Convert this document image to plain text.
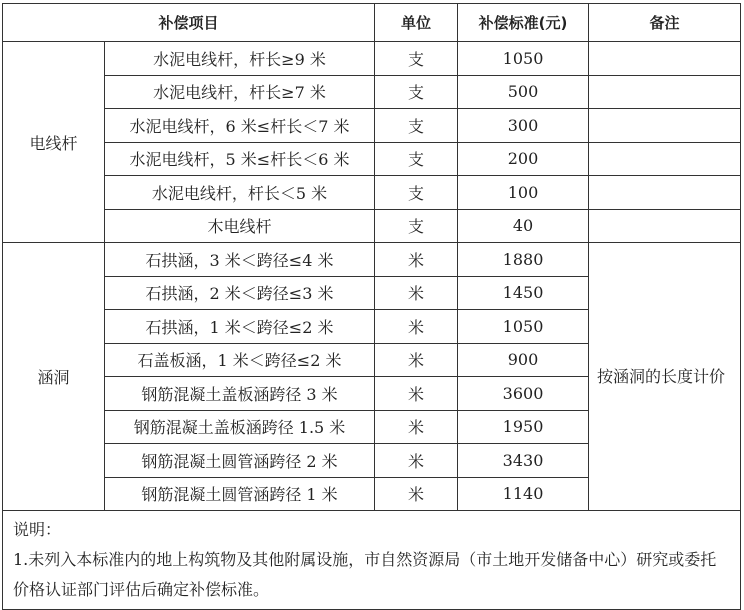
补偿项目		单位	补偿标准(元)	备注
电线杆	水泥电线杆，杆长≥9 米	支	1050	
	水泥电线杆，杆长≥7 米	支	500	
	水泥电线杆，6 米≤杆长＜7 米	支	300	
	水泥电线杆，5 米≤杆长＜6 米	支	200	
	水泥电线杆，杆长＜5 米	支	100	
	木电线杆	支	40	
涵洞	石拱涵，3 米＜跨径≤4 米	米	1880	按涵洞的长度计价
	石拱涵，2 米＜跨径≤3 米	米	1450	
	石拱涵，1 米＜跨径≤2 米	米	1050	
	石盖板涵，1 米＜跨径≤2 米	米	900	
	钢筋混凝土盖板涵跨径 3 米	米	3600	
	钢筋混凝土盖板涵跨径 1.5 米	米	1950	
	钢筋混凝土圆管涵跨径 2 米	米	3430	
	钢筋混凝土圆管涵跨径 1 米	米	1140	

说明：
1.未列入本标准内的地上构筑物及其他附属设施，市自然资源局（市土地开发储备中心）研究或委托价格认证部门评估后确定补偿标准。				
